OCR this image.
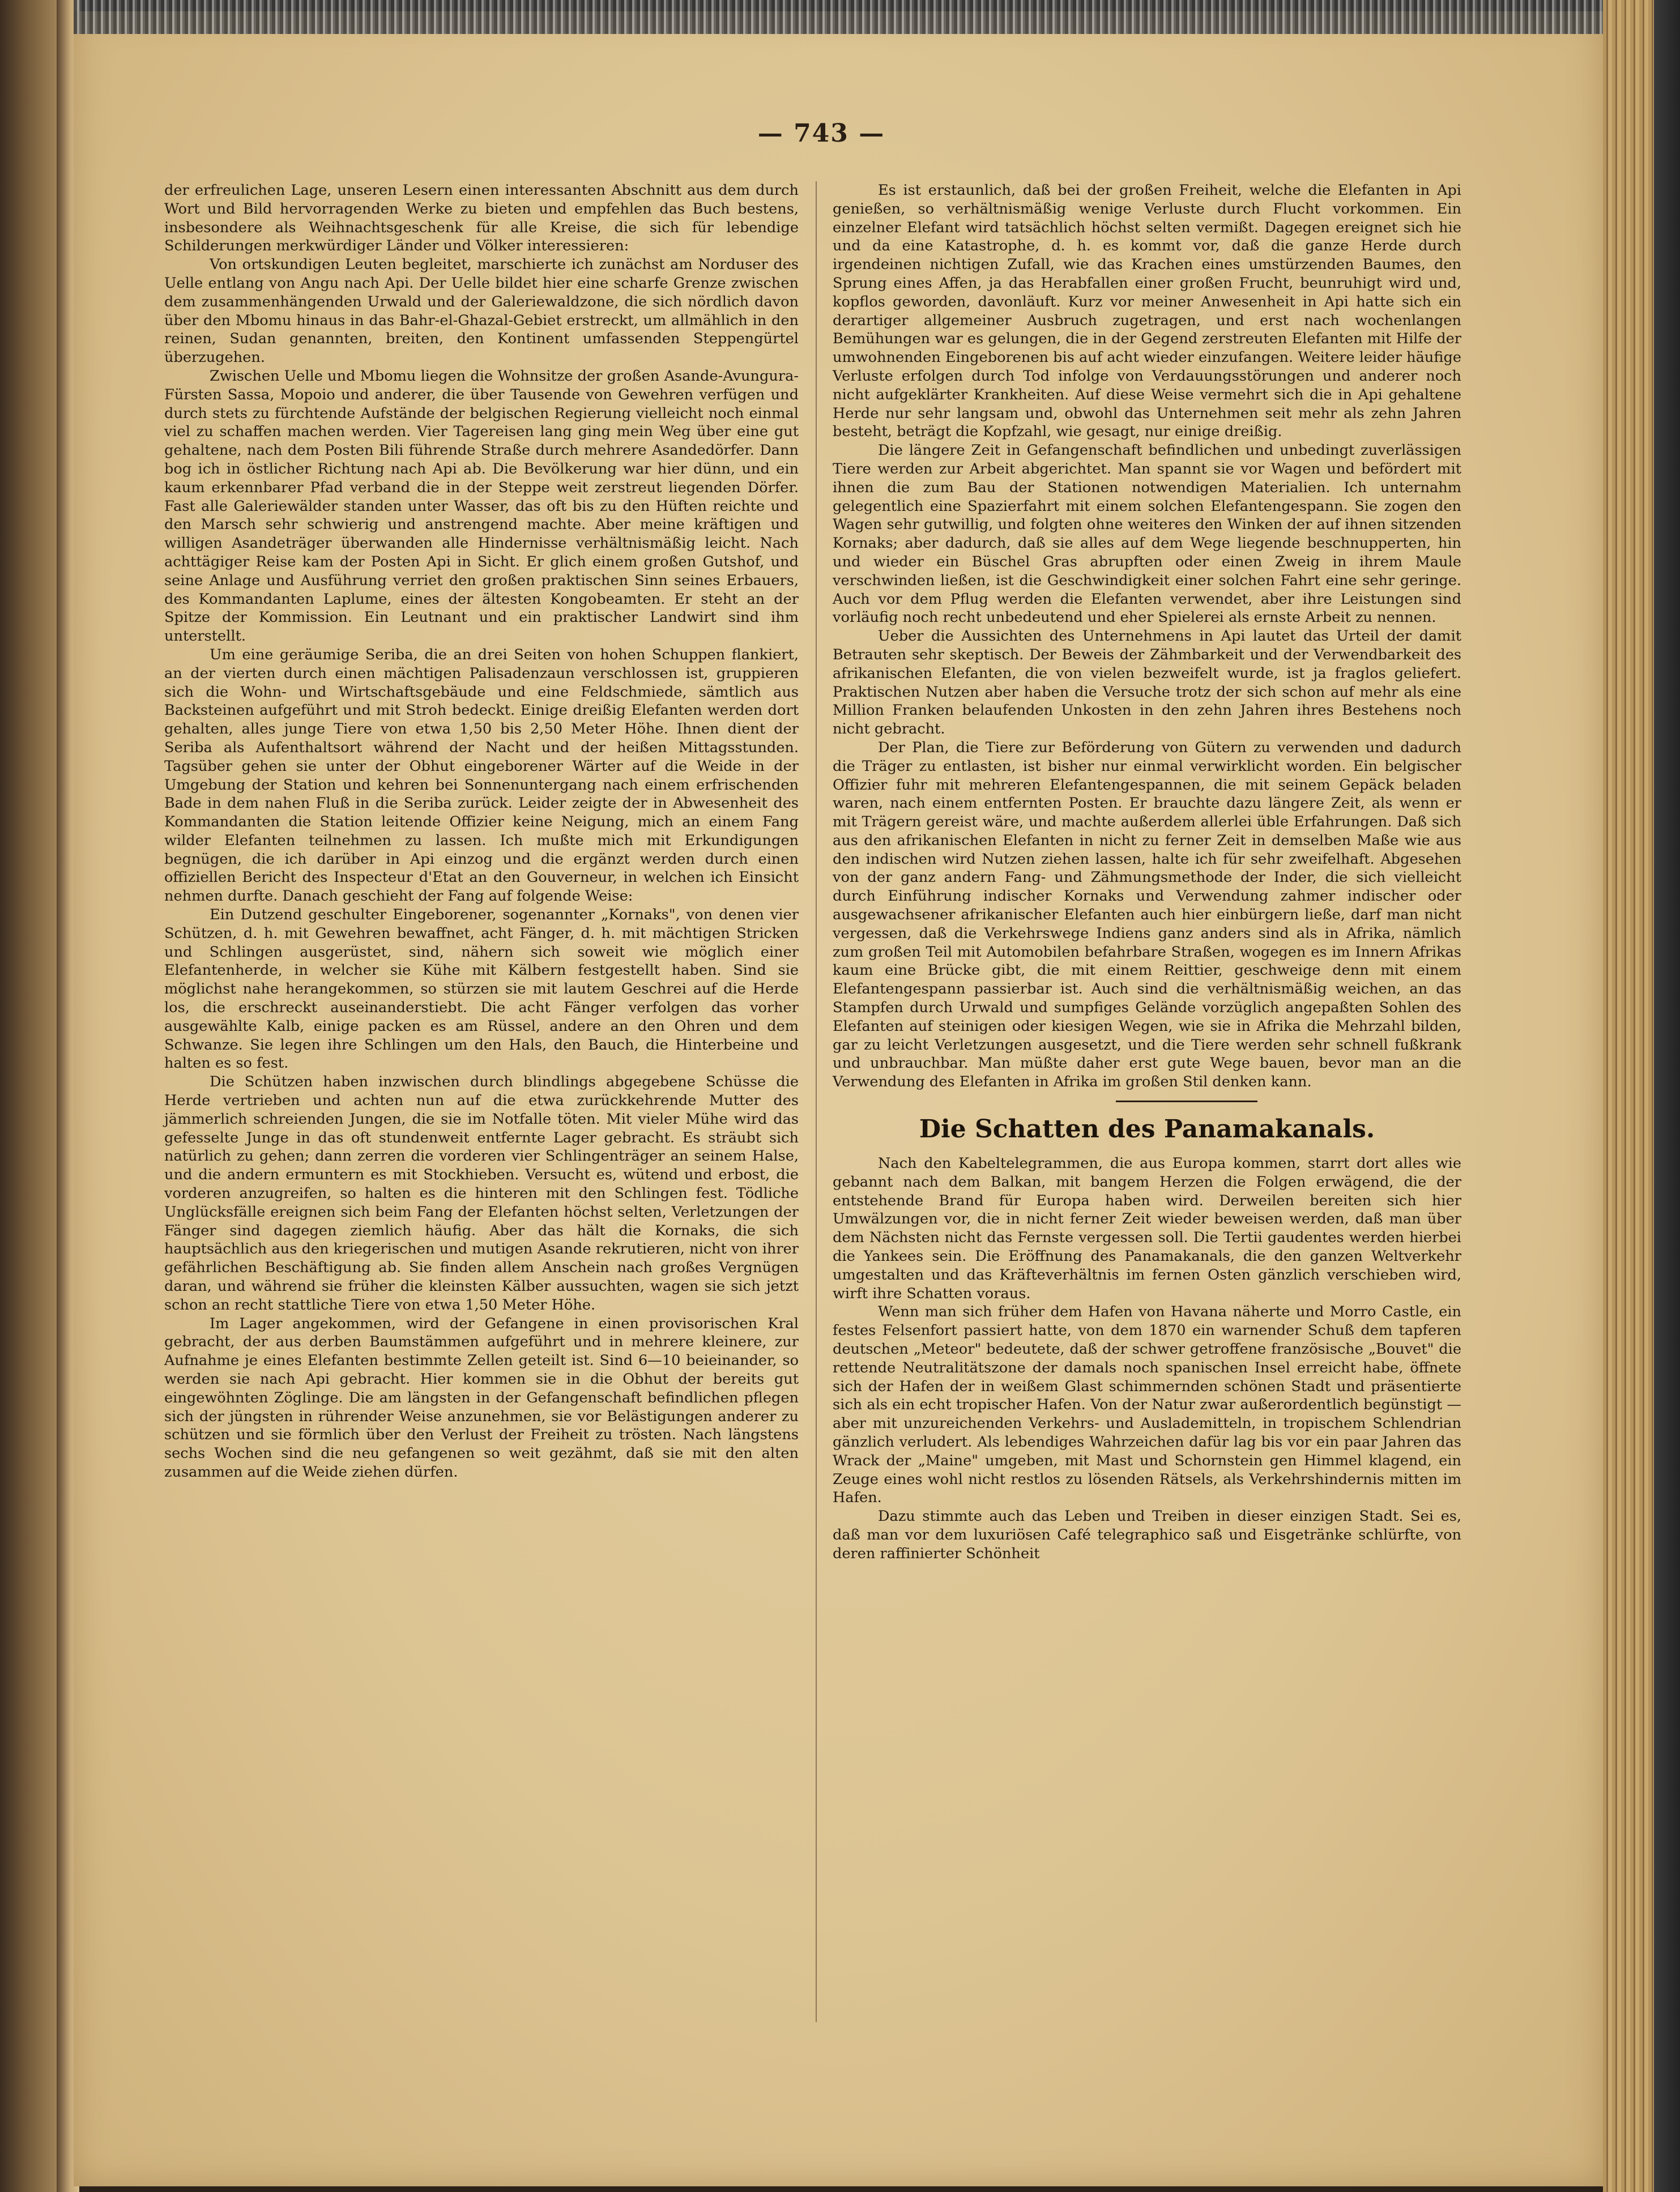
— 743 —

der erfreulichen Lage, unseren Lesern einen interessanten Abschnitt aus dem durch Wort und Bild hervorragenden Werke zu bieten und empfehlen das Buch bestens, insbesondere als Weihnachtsgeschenk für alle Kreise, die sich für lebendige Schilderungen merkwürdiger Länder und Völker interessieren:

Von ortskundigen Leuten begleitet, marschierte ich zunächst am Norduser des Uelle entlang von Angu nach Api. Der Uelle bildet hier eine scharfe Grenze zwischen dem zusammenhängenden Urwald und der Galeriewaldzone, die sich nördlich davon über den Mbomu hinaus in das Bahr-el-Ghazal-Gebiet erstreckt, um allmählich in den reinen, Sudan genannten, breiten, den Kontinent umfassenden Steppengürtel überzugehen.

Zwischen Uelle und Mbomu liegen die Wohnsitze der großen Asande-Avungura-Fürsten Sassa, Mopoio und anderer, die über Tausende von Gewehren verfügen und durch stets zu fürchtende Aufstände der belgischen Regierung vielleicht noch einmal viel zu schaffen machen werden. Vier Tagereisen lang ging mein Weg über eine gut gehaltene, nach dem Posten Bili führende Straße durch mehrere Asandedörfer. Dann bog ich in östlicher Richtung nach Api ab. Die Bevölkerung war hier dünn, und ein kaum erkennbarer Pfad verband die in der Steppe weit zerstreut liegenden Dörfer. Fast alle Galeriewälder standen unter Wasser, das oft bis zu den Hüften reichte und den Marsch sehr schwierig und anstrengend machte. Aber meine kräftigen und willigen Asandeträger überwanden alle Hindernisse verhältnismäßig leicht. Nach achttägiger Reise kam der Posten Api in Sicht. Er glich einem großen Gutshof, und seine Anlage und Ausführung verriet den großen praktischen Sinn seines Erbauers, des Kommandanten Laplume, eines der ältesten Kongobeamten. Er steht an der Spitze der Kommission. Ein Leutnant und ein praktischer Landwirt sind ihm unterstellt.

Um eine geräumige Seriba, die an drei Seiten von hohen Schuppen flankiert, an der vierten durch einen mächtigen Palisadenzaun verschlossen ist, gruppieren sich die Wohn- und Wirtschaftsgebäude und eine Feldschmiede, sämtlich aus Backsteinen aufgeführt und mit Stroh bedeckt. Einige dreißig Elefanten werden dort gehalten, alles junge Tiere von etwa 1,50 bis 2,50 Meter Höhe. Ihnen dient der Seriba als Aufenthaltsort während der Nacht und der heißen Mittagsstunden. Tagsüber gehen sie unter der Obhut eingeborener Wärter auf die Weide in der Umgebung der Station und kehren bei Sonnenuntergang nach einem erfrischenden Bade in dem nahen Fluß in die Seriba zurück. Leider zeigte der in Abwesenheit des Kommandanten die Station leitende Offizier keine Neigung, mich an einem Fang wilder Elefanten teilnehmen zu lassen. Ich mußte mich mit Erkundigungen begnügen, die ich darüber in Api einzog und die ergänzt werden durch einen offiziellen Bericht des Inspecteur d'Etat an den Gouverneur, in welchen ich Einsicht nehmen durfte. Danach geschieht der Fang auf folgende Weise:

Ein Dutzend geschulter Eingeborener, sogenannter „Kornaks", von denen vier Schützen, d. h. mit Gewehren bewaffnet, acht Fänger, d. h. mit mächtigen Stricken und Schlingen ausgerüstet, sind, nähern sich soweit wie möglich einer Elefantenherde, in welcher sie Kühe mit Kälbern festgestellt haben. Sind sie möglichst nahe herangekommen, so stürzen sie mit lautem Geschrei auf die Herde los, die erschreckt auseinanderstiebt. Die acht Fänger verfolgen das vorher ausgewählte Kalb, einige packen es am Rüssel, andere an den Ohren und dem Schwanze. Sie legen ihre Schlingen um den Hals, den Bauch, die Hinterbeine und halten es so fest.

Die Schützen haben inzwischen durch blindlings abgegebene Schüsse die Herde vertrieben und achten nun auf die etwa zurückkehrende Mutter des jämmerlich schreienden Jungen, die sie im Notfalle töten. Mit vieler Mühe wird das gefesselte Junge in das oft stundenweit entfernte Lager gebracht. Es sträubt sich natürlich zu gehen; dann zerren die vorderen vier Schlingenträger an seinem Halse, und die andern ermuntern es mit Stockhieben. Versucht es, wütend und erbost, die vorderen anzugreifen, so halten es die hinteren mit den Schlingen fest. Tödliche Unglücksfälle ereignen sich beim Fang der Elefanten höchst selten, Verletzungen der Fänger sind dagegen ziemlich häufig. Aber das hält die Kornaks, die sich hauptsächlich aus den kriegerischen und mutigen Asande rekrutieren, nicht von ihrer gefährlichen Beschäftigung ab. Sie finden allem Anschein nach großes Vergnügen daran, und während sie früher die kleinsten Kälber aussuchten, wagen sie sich jetzt schon an recht stattliche Tiere von etwa 1,50 Meter Höhe.

Im Lager angekommen, wird der Gefangene in einen provisorischen Kral gebracht, der aus derben Baumstämmen aufgeführt und in mehrere kleinere, zur Aufnahme je eines Elefanten bestimmte Zellen geteilt ist. Sind 6—10 beieinander, so werden sie nach Api gebracht. Hier kommen sie in die Obhut der bereits gut eingewöhnten Zöglinge. Die am längsten in der Gefangenschaft befindlichen pflegen sich der jüngsten in rührender Weise anzunehmen, sie vor Belästigungen anderer zu schützen und sie förmlich über den Verlust der Freiheit zu trösten. Nach längstens sechs Wochen sind die neu gefangenen so weit gezähmt, daß sie mit den alten zusammen auf die Weide ziehen dürfen.

Es ist erstaunlich, daß bei der großen Freiheit, welche die Elefanten in Api genießen, so verhältnismäßig wenige Verluste durch Flucht vorkommen. Ein einzelner Elefant wird tatsächlich höchst selten vermißt. Dagegen ereignet sich hie und da eine Katastrophe, d. h. es kommt vor, daß die ganze Herde durch irgendeinen nichtigen Zufall, wie das Krachen eines umstürzenden Baumes, den Sprung eines Affen, ja das Herabfallen einer großen Frucht, beunruhigt wird und, kopflos geworden, davonläuft. Kurz vor meiner Anwesenheit in Api hatte sich ein derartiger allgemeiner Ausbruch zugetragen, und erst nach wochenlangen Bemühungen war es gelungen, die in der Gegend zerstreuten Elefanten mit Hilfe der umwohnenden Eingeborenen bis auf acht wieder einzufangen. Weitere leider häufige Verluste erfolgen durch Tod infolge von Verdauungsstörungen und anderer noch nicht aufgeklärter Krankheiten. Auf diese Weise vermehrt sich die in Api gehaltene Herde nur sehr langsam und, obwohl das Unternehmen seit mehr als zehn Jahren besteht, beträgt die Kopfzahl, wie gesagt, nur einige dreißig.

Die längere Zeit in Gefangenschaft befindlichen und unbedingt zuverlässigen Tiere werden zur Arbeit abgerichtet. Man spannt sie vor Wagen und befördert mit ihnen die zum Bau der Stationen notwendigen Materialien. Ich unternahm gelegentlich eine Spazierfahrt mit einem solchen Elefantengespann. Sie zogen den Wagen sehr gutwillig, und folgten ohne weiteres den Winken der auf ihnen sitzenden Kornaks; aber dadurch, daß sie alles auf dem Wege liegende beschnupperten, hin und wieder ein Büschel Gras abrupften oder einen Zweig in ihrem Maule verschwinden ließen, ist die Geschwindigkeit einer solchen Fahrt eine sehr geringe. Auch vor dem Pflug werden die Elefanten verwendet, aber ihre Leistungen sind vorläufig noch recht unbedeutend und eher Spielerei als ernste Arbeit zu nennen.

Ueber die Aussichten des Unternehmens in Api lautet das Urteil der damit Betrauten sehr skeptisch. Der Beweis der Zähmbarkeit und der Verwendbarkeit des afrikanischen Elefanten, die von vielen bezweifelt wurde, ist ja fraglos geliefert. Praktischen Nutzen aber haben die Versuche trotz der sich schon auf mehr als eine Million Franken belaufenden Unkosten in den zehn Jahren ihres Bestehens noch nicht gebracht.

Der Plan, die Tiere zur Beförderung von Gütern zu verwenden und dadurch die Träger zu entlasten, ist bisher nur einmal verwirklicht worden. Ein belgischer Offizier fuhr mit mehreren Elefantengespannen, die mit seinem Gepäck beladen waren, nach einem entfernten Posten. Er brauchte dazu längere Zeit, als wenn er mit Trägern gereist wäre, und machte außerdem allerlei üble Erfahrungen. Daß sich aus den afrikanischen Elefanten in nicht zu ferner Zeit in demselben Maße wie aus den indischen wird Nutzen ziehen lassen, halte ich für sehr zweifelhaft. Abgesehen von der ganz andern Fang- und Zähmungsmethode der Inder, die sich vielleicht durch Einführung indischer Kornaks und Verwendung zahmer indischer oder ausgewachsener afrikanischer Elefanten auch hier einbürgern ließe, darf man nicht vergessen, daß die Verkehrswege Indiens ganz anders sind als in Afrika, nämlich zum großen Teil mit Automobilen befahrbare Straßen, wogegen es im Innern Afrikas kaum eine Brücke gibt, die mit einem Reittier, geschweige denn mit einem Elefantengespann passierbar ist. Auch sind die verhältnismäßig weichen, an das Stampfen durch Urwald und sumpfiges Gelände vorzüglich angepaßten Sohlen des Elefanten auf steinigen oder kiesigen Wegen, wie sie in Afrika die Mehrzahl bilden, gar zu leicht Verletzungen ausgesetzt, und die Tiere werden sehr schnell fußkrank und unbrauchbar. Man müßte daher erst gute Wege bauen, bevor man an die Verwendung des Elefanten in Afrika im großen Stil denken kann.

Die Schatten des Panamakanals.

Nach den Kabeltelegrammen, die aus Europa kommen, starrt dort alles wie gebannt nach dem Balkan, mit bangem Herzen die Folgen erwägend, die der entstehende Brand für Europa haben wird. Derweilen bereiten sich hier Umwälzungen vor, die in nicht ferner Zeit wieder beweisen werden, daß man über dem Nächsten nicht das Fernste vergessen soll. Die Tertii gaudentes werden hierbei die Yankees sein. Die Eröffnung des Panamakanals, die den ganzen Weltverkehr umgestalten und das Kräfteverhältnis im fernen Osten gänzlich verschieben wird, wirft ihre Schatten voraus.

Wenn man sich früher dem Hafen von Havana näherte und Morro Castle, ein festes Felsenfort passiert hatte, von dem 1870 ein warnender Schuß dem tapferen deutschen „Meteor" bedeutete, daß der schwer getroffene französische „Bouvet" die rettende Neutralitätszone der damals noch spanischen Insel erreicht habe, öffnete sich der Hafen der in weißem Glast schimmernden schönen Stadt und präsentierte sich als ein echt tropischer Hafen. Von der Natur zwar außerordentlich begünstigt — aber mit unzureichenden Verkehrs- und Auslademitteln, in tropischem Schlendrian gänzlich verludert. Als lebendiges Wahrzeichen dafür lag bis vor ein paar Jahren das Wrack der „Maine" umgeben, mit Mast und Schornstein gen Himmel klagend, ein Zeuge eines wohl nicht restlos zu lösenden Rätsels, als Verkehrshindernis mitten im Hafen.

Dazu stimmte auch das Leben und Treiben in dieser einzigen Stadt. Sei es, daß man vor dem luxuriösen Café telegraphico saß und Eisgetränke schlürfte, von deren raffinierter Schönheit
